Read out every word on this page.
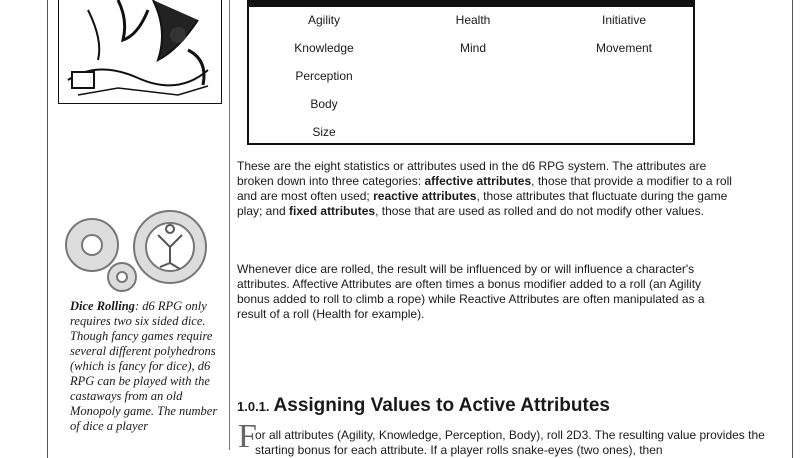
Agility	Health	Initiative
Knowledge	Mind	Movement
Perception
Body
Size

These are the eight statistics or attributes used in the d6 RPG system. The attributes are broken down into three categories: affective attributes, those that provide a modifier to a roll and are most often used; reactive attributes, those attributes that fluctuate during the game play; and fixed attributes, those that are used as rolled and do not modify other values.

Whenever dice are rolled, the result will be influenced by or will influence a character's attributes. Affective Attributes are often times a bonus modifier added to a roll (an Agility bonus added to roll to climb a rope) while Reactive Attributes are often manipulated as a result of a roll (Health for example).

Dice Rolling: d6 RPG only requires two six sided dice. Though fancy games require several different polyhedrons (which is fancy for dice), d6 RPG can be played with the castaways from an old Monopoly game. The number of dice a player

1.0.1. Assigning Values to Active Attributes
F

or all attributes (Agility, Knowledge, Perception, Body), roll 2D3. The resulting value provides the starting bonus for each attribute. If a player rolls snake-eyes (two ones), then
